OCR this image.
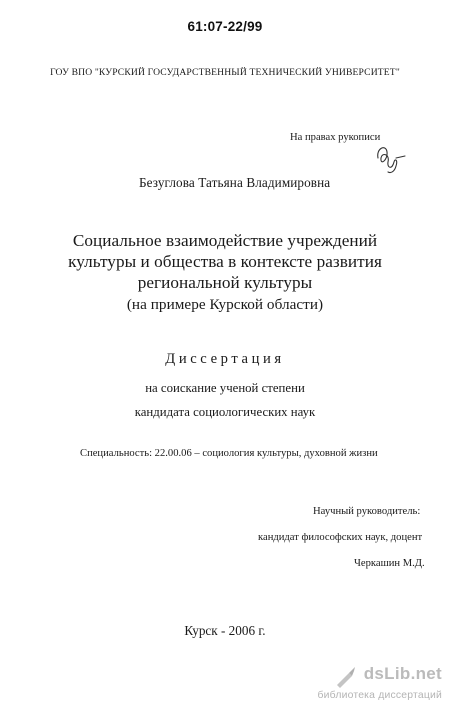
61:07-22/99
ГОУ ВПО "КУРСКИЙ ГОСУДАРСТВЕННЫЙ ТЕХНИЧЕСКИЙ УНИВЕРСИТЕТ"
На правах рукописи
Безуглова Татьяна Владимировна
Социальное взаимодействие учреждений
культуры и общества в контексте развития
региональной культуры
(на примере Курской области)
Диссертация
на соискание ученой степени
кандидата социологических наук
Специальность: 22.00.06 – социология культуры, духовной жизни
Научный руководитель:
кандидат философских наук, доцент
Черкашин М.Д.
Курск - 2006 г.
dsLib.net
библиотека диссертаций
